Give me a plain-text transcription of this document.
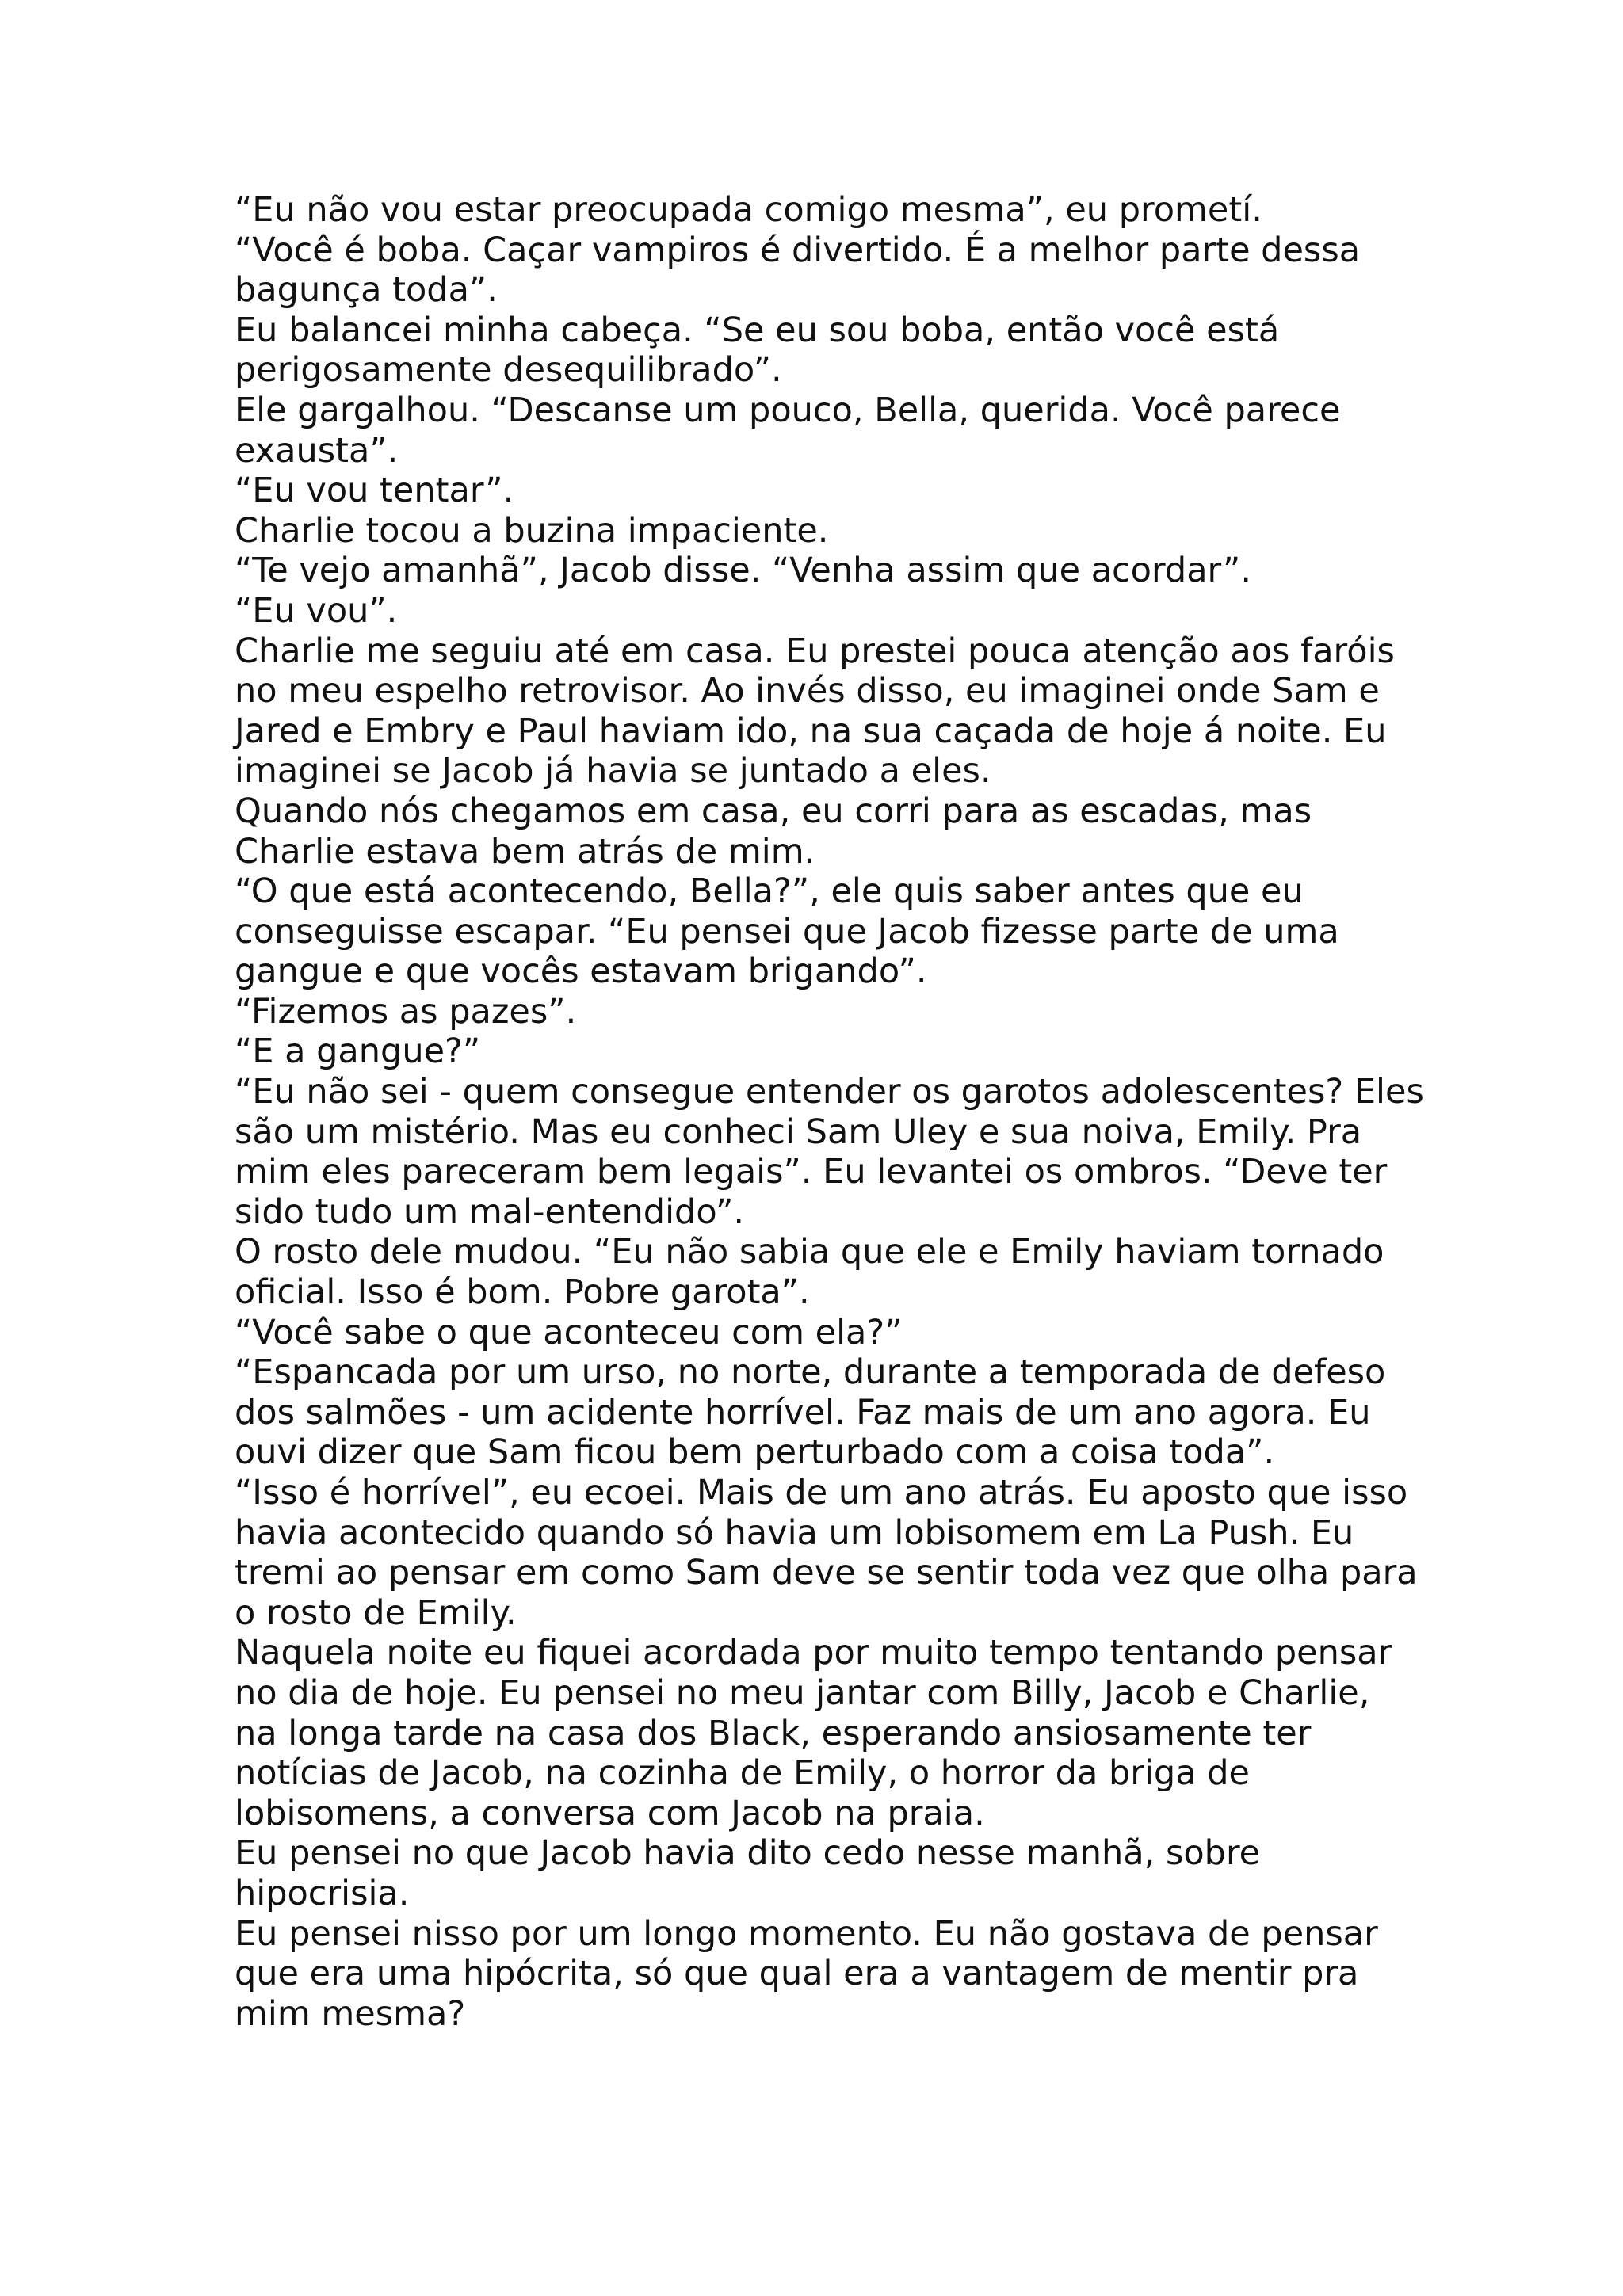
“Eu não vou estar preocupada comigo mesma”, eu prometí.
“Você é boba. Caçar vampiros é divertido. É a melhor parte dessa
bagunça toda”.
Eu balancei minha cabeça. “Se eu sou boba, então você está
perigosamente desequilibrado”.
Ele gargalhou. “Descanse um pouco, Bella, querida. Você parece
exausta”.
“Eu vou tentar”.
Charlie tocou a buzina impaciente.
“Te vejo amanhã”, Jacob disse. “Venha assim que acordar”.
“Eu vou”.
Charlie me seguiu até em casa. Eu prestei pouca atenção aos faróis
no meu espelho retrovisor. Ao invés disso, eu imaginei onde Sam e
Jared e Embry e Paul haviam ido, na sua caçada de hoje á noite. Eu
imaginei se Jacob já havia se juntado a eles.
Quando nós chegamos em casa, eu corri para as escadas, mas
Charlie estava bem atrás de mim.
“O que está acontecendo, Bella?”, ele quis saber antes que eu
conseguisse escapar. “Eu pensei que Jacob fizesse parte de uma
gangue e que vocês estavam brigando”.
“Fizemos as pazes”.
“E a gangue?”
“Eu não sei - quem consegue entender os garotos adolescentes? Eles
são um mistério. Mas eu conheci Sam Uley e sua noiva, Emily. Pra
mim eles pareceram bem legais”. Eu levantei os ombros. “Deve ter
sido tudo um mal-entendido”.
O rosto dele mudou. “Eu não sabia que ele e Emily haviam tornado
oficial. Isso é bom. Pobre garota”.
“Você sabe o que aconteceu com ela?”
“Espancada por um urso, no norte, durante a temporada de defeso
dos salmões - um acidente horrível. Faz mais de um ano agora. Eu
ouvi dizer que Sam ficou bem perturbado com a coisa toda”.
“Isso é horrível”, eu ecoei. Mais de um ano atrás. Eu aposto que isso
havia acontecido quando só havia um lobisomem em La Push. Eu
tremi ao pensar em como Sam deve se sentir toda vez que olha para
o rosto de Emily.
Naquela noite eu fiquei acordada por muito tempo tentando pensar
no dia de hoje. Eu pensei no meu jantar com Billy, Jacob e Charlie,
na longa tarde na casa dos Black, esperando ansiosamente ter
notícias de Jacob, na cozinha de Emily, o horror da briga de
lobisomens, a conversa com Jacob na praia.
Eu pensei no que Jacob havia dito cedo nesse manhã, sobre
hipocrisia.
Eu pensei nisso por um longo momento. Eu não gostava de pensar
que era uma hipócrita, só que qual era a vantagem de mentir pra
mim mesma?
